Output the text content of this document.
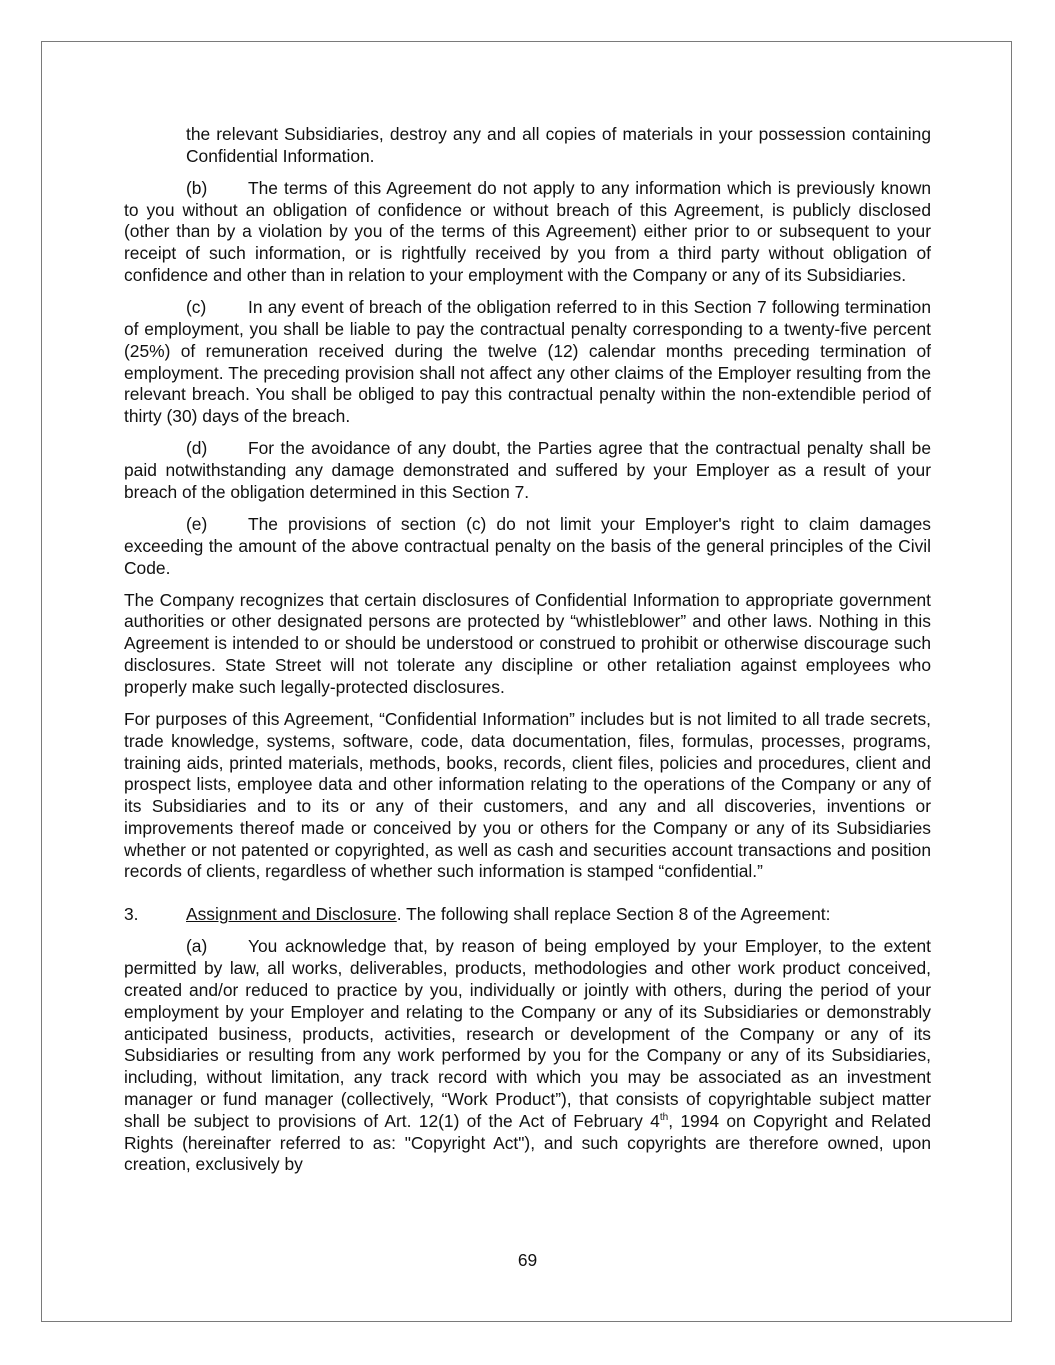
the relevant Subsidiaries, destroy any and all copies of materials in your possession containing Confidential Information.

(b) The terms of this Agreement do not apply to any information which is previously known to you without an obligation of confidence or without breach of this Agreement, is publicly disclosed (other than by a violation by you of the terms of this Agreement) either prior to or subsequent to your receipt of such information, or is rightfully received by you from a third party without obligation of confidence and other than in relation to your employment with the Company or any of its Subsidiaries.

(c) In any event of breach of the obligation referred to in this Section 7 following termination of employment, you shall be liable to pay the contractual penalty corresponding to a twenty-five percent (25%) of remuneration received during the twelve (12) calendar months preceding termination of employment. The preceding provision shall not affect any other claims of the Employer resulting from the relevant breach. You shall be obliged to pay this contractual penalty within the non-extendible period of thirty (30) days of the breach.

(d) For the avoidance of any doubt, the Parties agree that the contractual penalty shall be paid notwithstanding any damage demonstrated and suffered by your Employer as a result of your breach of the obligation determined in this Section 7.

(e) The provisions of section (c) do not limit your Employer's right to claim damages exceeding the amount of the above contractual penalty on the basis of the general principles of the Civil Code.

The Company recognizes that certain disclosures of Confidential Information to appropriate government authorities or other designated persons are protected by “whistleblower” and other laws. Nothing in this Agreement is intended to or should be understood or construed to prohibit or otherwise discourage such disclosures. State Street will not tolerate any discipline or other retaliation against employees who properly make such legally-protected disclosures.

For purposes of this Agreement, “Confidential Information” includes but is not limited to all trade secrets, trade knowledge, systems, software, code, data documentation, files, formulas, processes, programs, training aids, printed materials, methods, books, records, client files, policies and procedures, client and prospect lists, employee data and other information relating to the operations of the Company or any of its Subsidiaries and to its or any of their customers, and any and all discoveries, inventions or improvements thereof made or conceived by you or others for the Company or any of its Subsidiaries whether or not patented or copyrighted, as well as cash and securities account transactions and position records of clients, regardless of whether such information is stamped “confidential.”

3.	Assignment and Disclosure. The following shall replace Section 8 of the Agreement:

(a) You acknowledge that, by reason of being employed by your Employer, to the extent permitted by law, all works, deliverables, products, methodologies and other work product conceived, created and/or reduced to practice by you, individually or jointly with others, during the period of your employment by your Employer and relating to the Company or any of its Subsidiaries or demonstrably anticipated business, products, activities, research or development of the Company or any of its Subsidiaries or resulting from any work performed by you for the Company or any of its Subsidiaries, including, without limitation, any track record with which you may be associated as an investment manager or fund manager (collectively, “Work Product”), that consists of copyrightable subject matter shall be subject to provisions of Art. 12(1) of the Act of February 4th, 1994 on Copyright and Related Rights (hereinafter referred to as: "Copyright Act"), and such copyrights are therefore owned, upon creation, exclusively by

69
